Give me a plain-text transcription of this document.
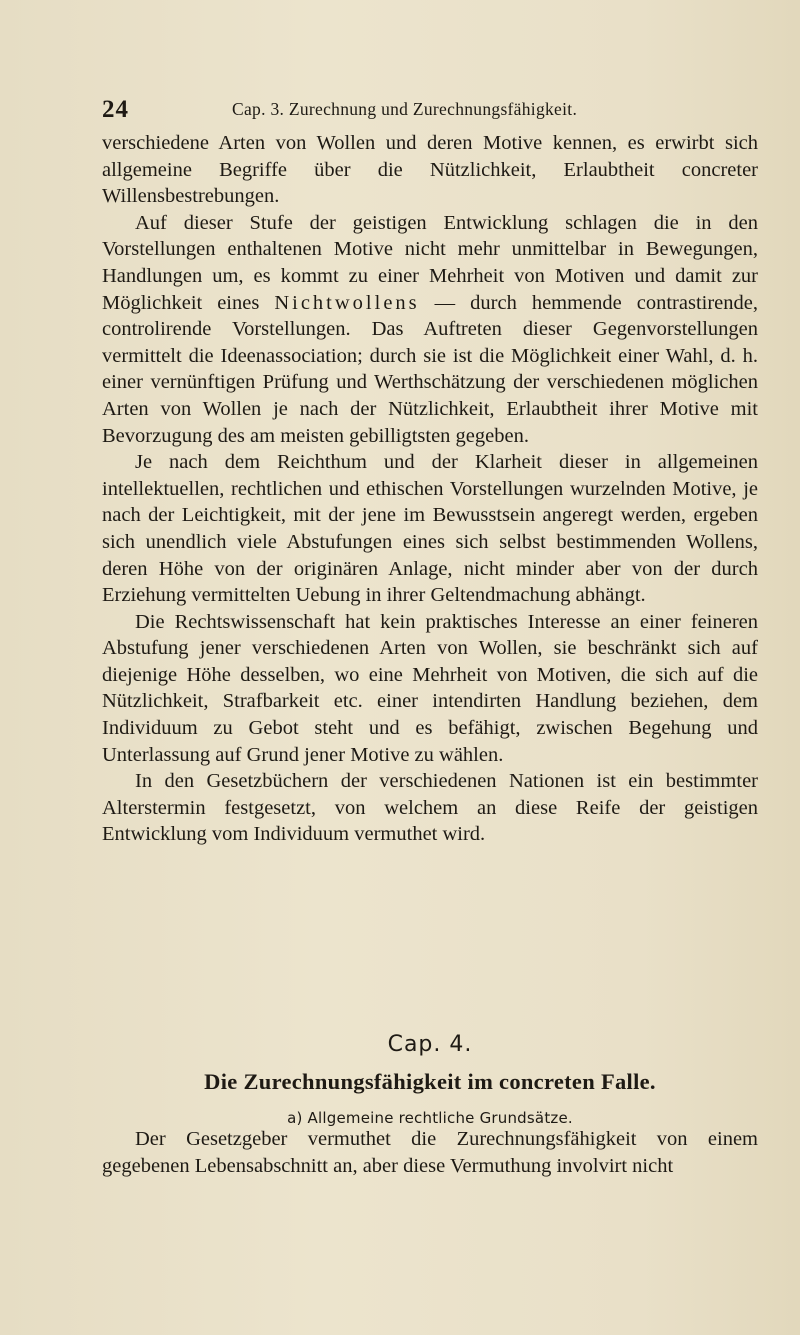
24	Cap. 3. Zurechnung und Zurechnungsfähigkeit.

verschiedene Arten von Wollen und deren Motive kennen, es erwirbt sich allgemeine Begriffe über die Nützlichkeit, Erlaubtheit concreter Willensbestrebungen.

Auf dieser Stufe der geistigen Entwicklung schlagen die in den Vorstellungen enthaltenen Motive nicht mehr unmittelbar in Bewegungen, Handlungen um, es kommt zu einer Mehrheit von Motiven und damit zur Möglichkeit eines Nichtwollens — durch hemmende contrastirende, controlirende Vorstellungen. Das Auftreten dieser Gegenvorstellungen vermittelt die Ideenassociation; durch sie ist die Möglichkeit einer Wahl, d. h. einer vernünftigen Prüfung und Werthschätzung der verschiedenen möglichen Arten von Wollen je nach der Nützlichkeit, Erlaubtheit ihrer Motive mit Bevorzugung des am meisten gebilligtsten gegeben.

Je nach dem Reichthum und der Klarheit dieser in allgemeinen intellektuellen, rechtlichen und ethischen Vorstellungen wurzelnden Motive, je nach der Leichtigkeit, mit der jene im Bewusstsein angeregt werden, ergeben sich unendlich viele Abstufungen eines sich selbst bestimmenden Wollens, deren Höhe von der originären Anlage, nicht minder aber von der durch Erziehung vermittelten Uebung in ihrer Geltendmachung abhängt.

Die Rechtswissenschaft hat kein praktisches Interesse an einer feineren Abstufung jener verschiedenen Arten von Wollen, sie beschränkt sich auf diejenige Höhe desselben, wo eine Mehrheit von Motiven, die sich auf die Nützlichkeit, Strafbarkeit etc. einer intendirten Handlung beziehen, dem Individuum zu Gebot steht und es befähigt, zwischen Begehung und Unterlassung auf Grund jener Motive zu wählen.

In den Gesetzbüchern der verschiedenen Nationen ist ein bestimmter Alterstermin festgesetzt, von welchem an diese Reife der geistigen Entwicklung vom Individuum vermuthet wird.

Cap. 4.

Die Zurechnungsfähigkeit im concreten Falle.

a) Allgemeine rechtliche Grundsätze.

Der Gesetzgeber vermuthet die Zurechnungsfähigkeit von einem gegebenen Lebensabschnitt an, aber diese Vermuthung involvirt nicht
